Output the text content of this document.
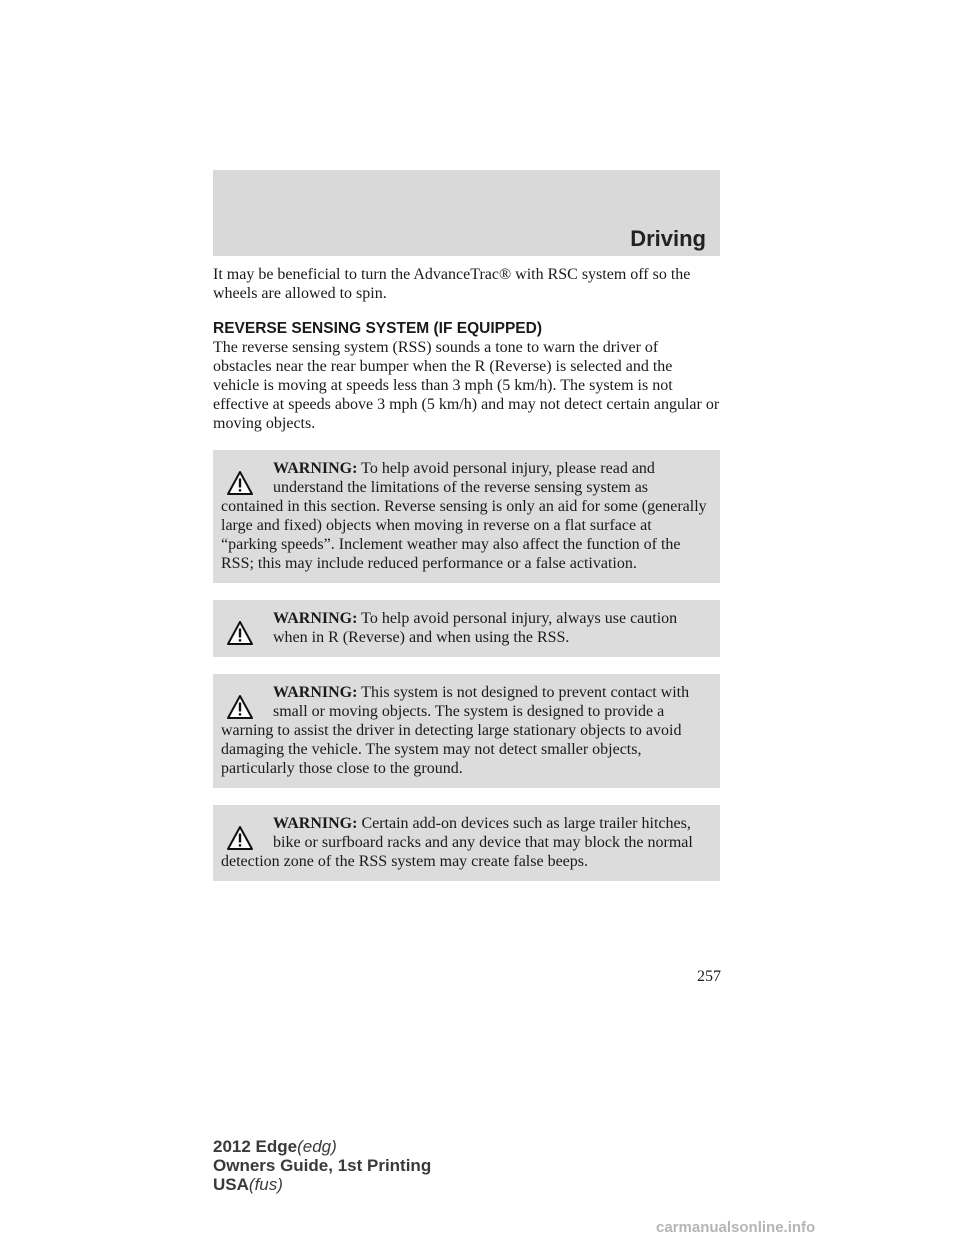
Driving

It may be beneficial to turn the AdvanceTrac® with RSC system off so the wheels are allowed to spin.

REVERSE SENSING SYSTEM (IF EQUIPPED)

The reverse sensing system (RSS) sounds a tone to warn the driver of obstacles near the rear bumper when the R (Reverse) is selected and the vehicle is moving at speeds less than 3 mph (5 km/h). The system is not effective at speeds above 3 mph (5 km/h) and may not detect certain angular or moving objects.

WARNING: To help avoid personal injury, please read and understand the limitations of the reverse sensing system as contained in this section. Reverse sensing is only an aid for some (generally large and fixed) objects when moving in reverse on a flat surface at “parking speeds”. Inclement weather may also affect the function of the RSS; this may include reduced performance or a false activation.
WARNING: To help avoid personal injury, always use caution when in R (Reverse) and when using the RSS.
WARNING: This system is not designed to prevent contact with small or moving objects. The system is designed to provide a warning to assist the driver in detecting large stationary objects to avoid damaging the vehicle. The system may not detect smaller objects, particularly those close to the ground.
WARNING: Certain add-on devices such as large trailer hitches, bike or surfboard racks and any device that may block the normal detection zone of the RSS system may create false beeps.
257
2012 Edge(edg)
Owners Guide, 1st Printing
USA(fus)
carmanualsonline.info
